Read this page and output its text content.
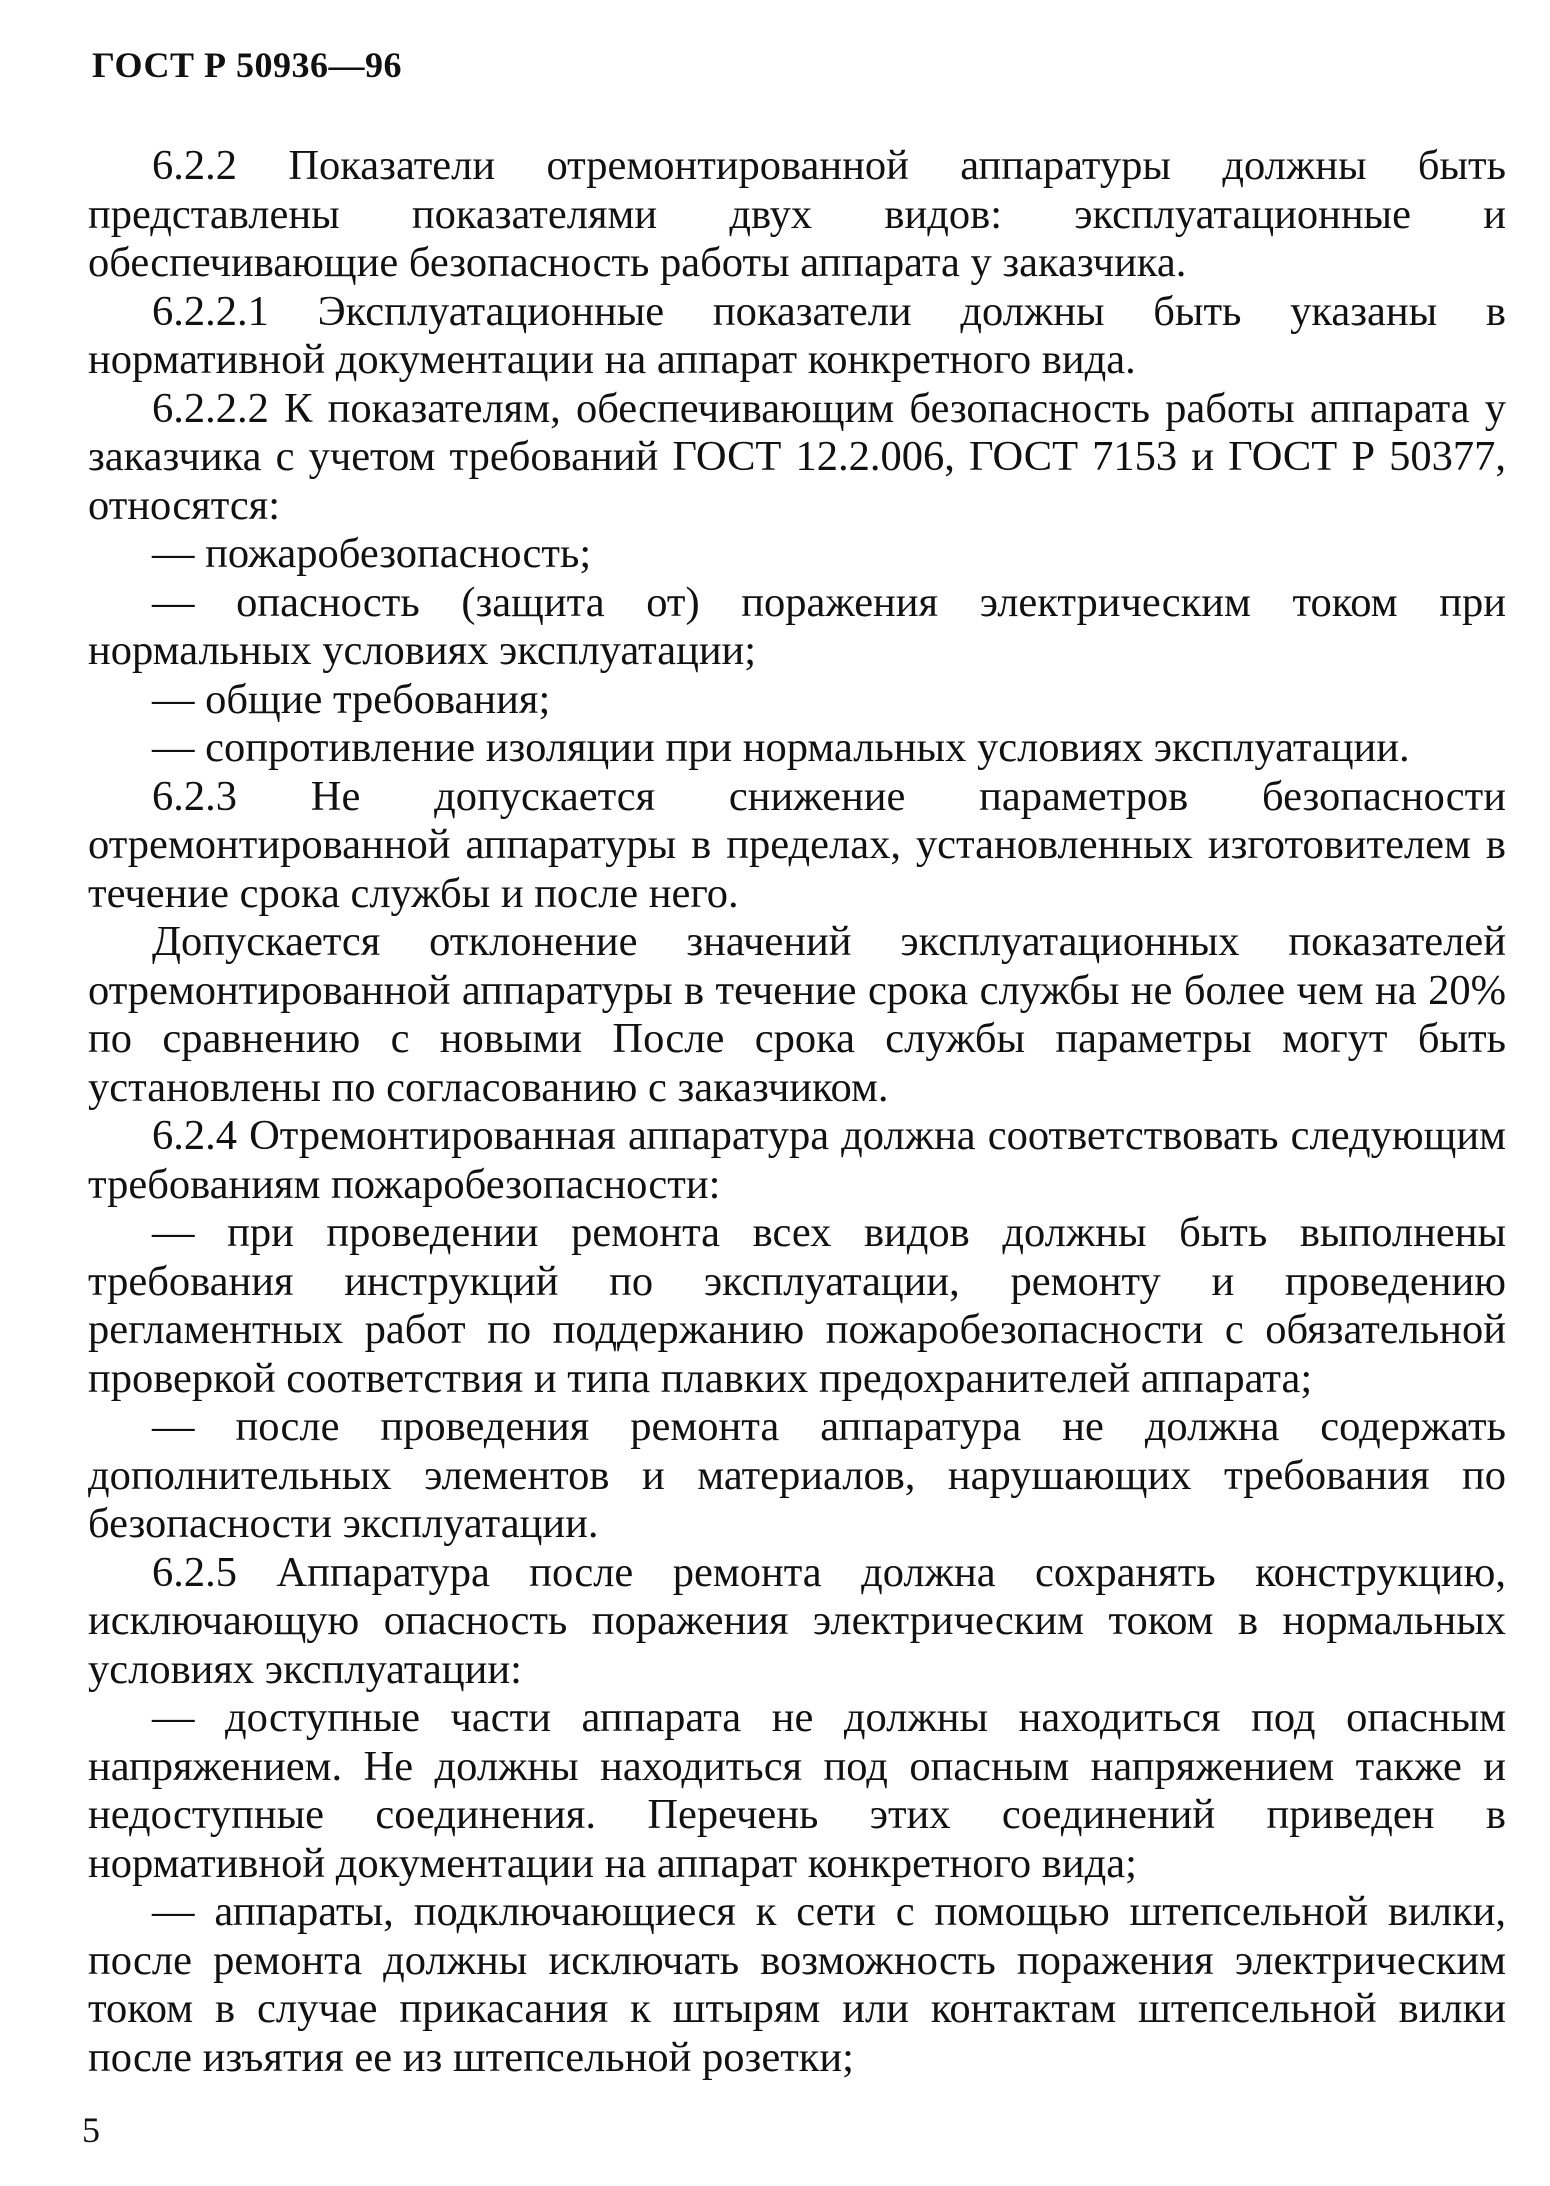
ГОСТ Р 50936—96

6.2.2 Показатели отремонтированной аппаратуры должны быть представлены показателями двух видов: эксплуатационные и обеспечивающие безопасность работы аппарата у заказчика.

6.2.2.1 Эксплуатационные показатели должны быть указаны в нормативной документации на аппарат конкретного вида.

6.2.2.2 К показателям, обеспечивающим безопасность работы аппарата у заказчика с учетом требований ГОСТ 12.2.006, ГОСТ 7153 и ГОСТ Р 50377, относятся:

— пожаробезопасность;

— опасность (защита от) поражения электрическим током при нормальных условиях эксплуатации;

— общие требования;

— сопротивление изоляции при нормальных условиях эксплуатации.

6.2.3 Не допускается снижение параметров безопасности отремонтированной аппаратуры в пределах, установленных изготовителем в течение срока службы и после него.

Допускается отклонение значений эксплуатационных показателей отремонтированной аппаратуры в течение срока службы не более чем на 20% по сравнению с новыми После срока службы параметры могут быть установлены по согласованию с заказчиком.

6.2.4 Отремонтированная аппаратура должна соответствовать следующим требованиям пожаробезопасности:

— при проведении ремонта всех видов должны быть выполнены требования инструкций по эксплуатации, ремонту и проведению регламентных работ по поддержанию пожаробезопасности с обязательной проверкой соответствия и типа плавких предохранителей аппарата;

— после проведения ремонта аппаратура не должна содержать дополнительных элементов и материалов, нарушающих требования по безопасности эксплуатации.

6.2.5 Аппаратура после ремонта должна сохранять конструкцию, исключающую опасность поражения электрическим током в нормальных условиях эксплуатации:

— доступные части аппарата не должны находиться под опасным напряжением. Не должны находиться под опасным напряжением также и недоступные соединения. Перечень этих соединений приведен в нормативной документации на аппарат конкретного вида;

— аппараты, подключающиеся к сети с помощью штепсельной вилки, после ремонта должны исключать возможность поражения электрическим током в случае прикасания к штырям или контактам штепсельной вилки после изъятия ее из штепсельной розетки;

5
